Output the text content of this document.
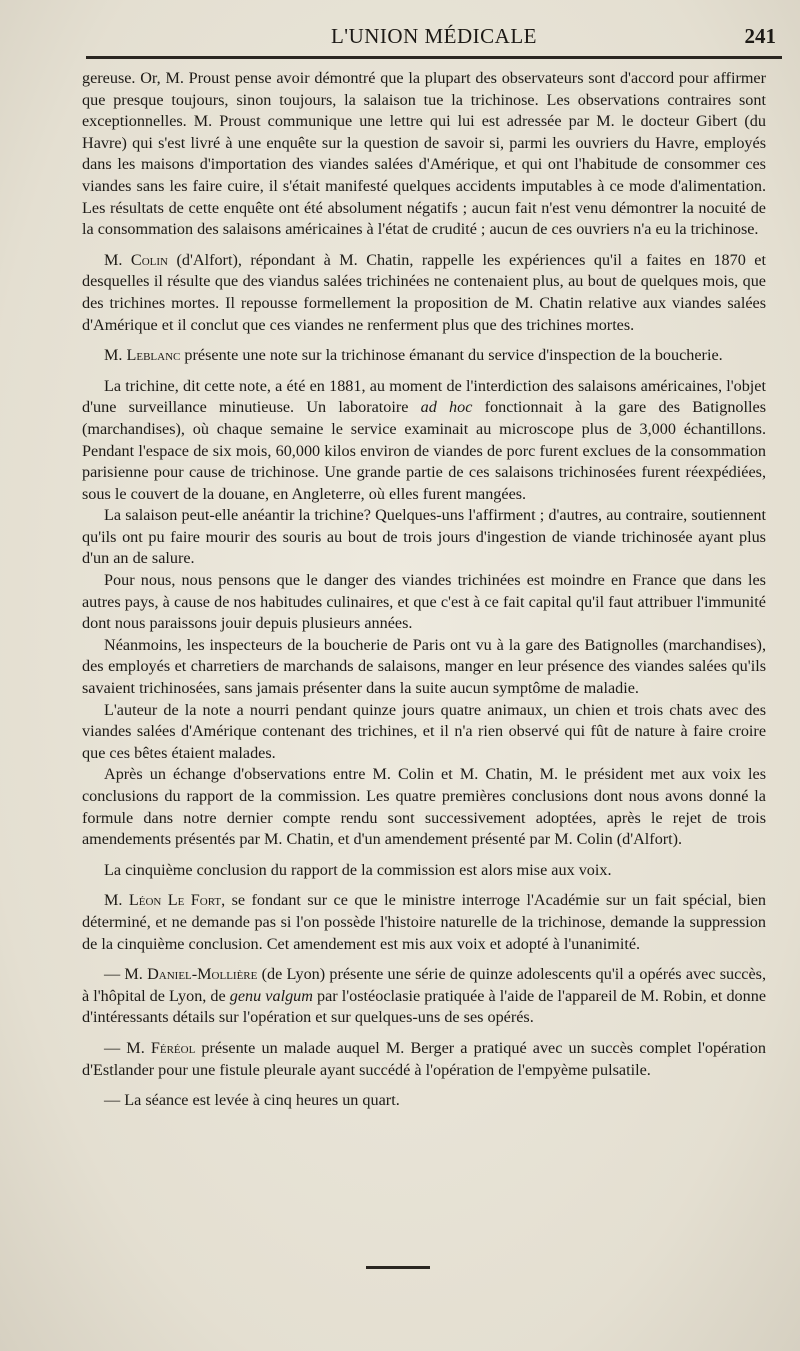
L'UNION MÉDICALE	241

gereuse. Or, M. Proust pense avoir démontré que la plupart des observateurs sont d'accord pour affirmer que presque toujours, sinon toujours, la salaison tue la trichinose. Les observations contraires sont exceptionnelles. M. Proust communique une lettre qui lui est adressée par M. le docteur Gibert (du Havre) qui s'est livré à une enquête sur la question de savoir si, parmi les ouvriers du Havre, employés dans les maisons d'importation des viandes salées d'Amérique, et qui ont l'habitude de consommer ces viandes sans les faire cuire, il s'était manifesté quelques accidents imputables à ce mode d'alimentation. Les résultats de cette enquête ont été absolument négatifs ; aucun fait n'est venu démontrer la nocuité de la consommation des salaisons américaines à l'état de crudité ; aucun de ces ouvriers n'a eu la trichinose.

M. Colin (d'Alfort), répondant à M. Chatin, rappelle les expériences qu'il a faites en 1870 et desquelles il résulte que des viandus salées trichinées ne contenaient plus, au bout de quelques mois, que des trichines mortes. Il repousse formellement la proposition de M. Chatin relative aux viandes salées d'Amérique et il conclut que ces viandes ne renferment plus que des trichines mortes.

M. Leblanc présente une note sur la trichinose émanant du service d'inspection de la boucherie.

La trichine, dit cette note, a été en 1881, au moment de l'interdiction des salaisons américaines, l'objet d'une surveillance minutieuse. Un laboratoire ad hoc fonctionnait à la gare des Batignolles (marchandises), où chaque semaine le service examinait au microscope plus de 3,000 échantillons. Pendant l'espace de six mois, 60,000 kilos environ de viandes de porc furent exclues de la consommation parisienne pour cause de trichinose. Une grande partie de ces salaisons trichinosées furent réexpédiées, sous le couvert de la douane, en Angleterre, où elles furent mangées.

La salaison peut-elle anéantir la trichine? Quelques-uns l'affirment ; d'autres, au contraire, soutiennent qu'ils ont pu faire mourir des souris au bout de trois jours d'ingestion de viande trichinosée ayant plus d'un an de salure.

Pour nous, nous pensons que le danger des viandes trichinées est moindre en France que dans les autres pays, à cause de nos habitudes culinaires, et que c'est à ce fait capital qu'il faut attribuer l'immunité dont nous paraissons jouir depuis plusieurs années.

Néanmoins, les inspecteurs de la boucherie de Paris ont vu à la gare des Batignolles (marchandises), des employés et charretiers de marchands de salaisons, manger en leur présence des viandes salées qu'ils savaient trichinosées, sans jamais présenter dans la suite aucun symptôme de maladie.

L'auteur de la note a nourri pendant quinze jours quatre animaux, un chien et trois chats avec des viandes salées d'Amérique contenant des trichines, et il n'a rien observé qui fût de nature à faire croire que ces bêtes étaient malades.

Après un échange d'observations entre M. Colin et M. Chatin, M. le président met aux voix les conclusions du rapport de la commission. Les quatre premières conclusions dont nous avons donné la formule dans notre dernier compte rendu sont successivement adoptées, après le rejet de trois amendements présentés par M. Chatin, et d'un amendement présenté par M. Colin (d'Alfort).

La cinquième conclusion du rapport de la commission est alors mise aux voix.

M. Léon Le Fort, se fondant sur ce que le ministre interroge l'Académie sur un fait spécial, bien déterminé, et ne demande pas si l'on possède l'histoire naturelle de la trichinose, demande la suppression de la cinquième conclusion. Cet amendement est mis aux voix et adopté à l'unanimité.

— M. Daniel-Mollière (de Lyon) présente une série de quinze adolescents qu'il a opérés avec succès, à l'hôpital de Lyon, de genu valgum par l'ostéoclasie pratiquée à l'aide de l'appareil de M. Robin, et donne d'intéressants détails sur l'opération et sur quelques-uns de ses opérés.

— M. Féréol présente un malade auquel M. Berger a pratiqué avec un succès complet l'opération d'Estlander pour une fistule pleurale ayant succédé à l'opération de l'empyème pulsatile.

— La séance est levée à cinq heures un quart.
